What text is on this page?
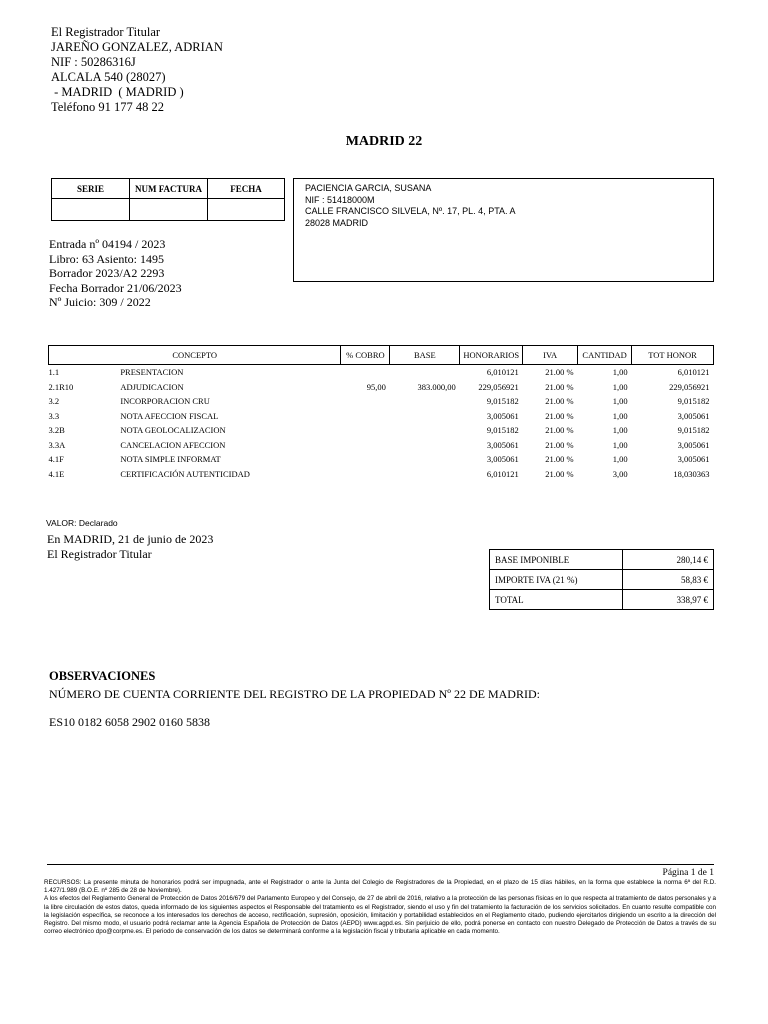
El Registrador Titular
JAREÑO GONZALEZ, ADRIAN
NIF : 50286316J
ALCALA 540 (28027)
- MADRID  ( MADRID )
Teléfono 91 177 48 22
MADRID 22
SERIE	NUM FACTURA	FECHA
			PACIENCIA GARCIA, SUSANA
NIF : 51418000M
CALLE FRANCISCO SILVELA, Nº. 17, PL. 4, PTA. A
28028 MADRID
Entrada nº 04194 / 2023
Libro: 63 Asiento: 1495
Borrador 2023/A2 2293
Fecha Borrador 21/06/2023
Nº Juicio: 309 / 2022
CONCEPTO		% COBRO	BASE	HONORARIOS	IVA	CANTIDAD	TOT HONOR
1.1	PRESENTACION			6,010121	21.00 %	1,00	6,010121
2.1R10	ADJUDICACION	95,00	383.000,00	229,056921	21.00 %	1,00	229,056921
3.2	INCORPORACION CRU			9,015182	21.00 %	1,00	9,015182
3.3	NOTA AFECCION FISCAL			3,005061	21.00 %	1,00	3,005061
3.2B	NOTA GEOLOCALIZACION			9,015182	21.00 %	1,00	9,015182
3.3A	CANCELACION AFECCION			3,005061	21.00 %	1,00	3,005061
4.1F	NOTA SIMPLE INFORMAT			3,005061	21.00 %	1,00	3,005061
4.1E	CERTIFICACIÓN AUTENTICIDAD			6,010121	21.00 %	3,00	18,030363
VALOR: Declarado
En MADRID, 21 de junio de 2023
El Registrador Titular	BASE IMPONIBLE	280,14 €
IMPORTE IVA (21 %)	58,83 €
TOTAL	338,97 €
OBSERVACIONES
NÚMERO DE CUENTA CORRIENTE DEL REGISTRO DE LA PROPIEDAD Nº 22 DE MADRID:
ES10 0182 6058 2902 0160 5838
Página 1 de 1

RECURSOS: La presente minuta de honorarios podrá ser impugnada, ante el Registrador o ante la Junta del Colegio de Registradores de la Propiedad, en el plazo de 15 días hábiles, en la forma que establece la norma 6ª del R.D. 1.427/1.989 (B.O.E. nº 285 de 28 de Noviembre).

A los efectos del Reglamento General de Protección de Datos 2016/679 del Parlamento Europeo y del Consejo, de 27 de abril de 2016, relativo a la protección de las personas físicas en lo que respecta al tratamiento de datos personales y a la libre circulación de estos datos, queda informado de los siguientes aspectos el Responsable del tratamiento es el Registrador, siendo el uso y fin del tratamiento la facturación de los servicios solicitados. En cuanto resulte compatible con la legislación específica, se reconoce a los interesados los derechos de acceso, rectificación, supresión, oposición, limitación y portabilidad establecidos en el Reglamento citado, pudiendo ejercitarlos dirigiendo un escrito a la dirección del Registro. Del mismo modo, el usuario podrá reclamar ante la Agencia Española de Protección de Datos (AEPD) www.agpd.es. Sin perjuicio de ello, podrá ponerse en contacto con nuestro Delegado de Protección de Datos a través de su correo electrónico dpo@corpme.es. El periodo de conservación de los datos se determinará conforme a la legislación fiscal y tributaria aplicable en cada momento.
